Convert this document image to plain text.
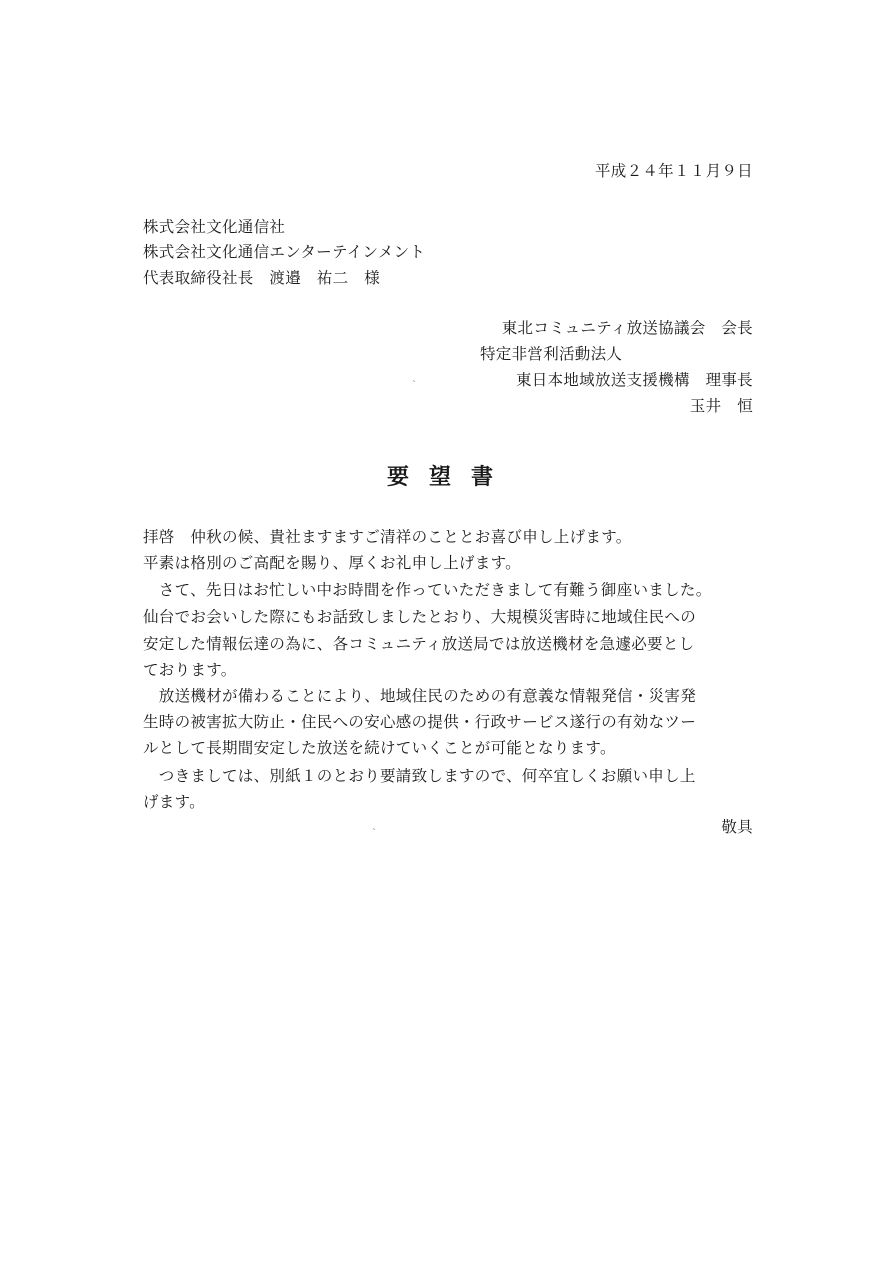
平成２４年１１月９日
株式会社文化通信社
株式会社文化通信エンターテインメント
代表取締役社長　渡邉　祐二　様
東北コミュニティ放送協議会　会長
特定非営利活動法人
東日本地域放送支援機構　理事長
玉井　恒
ˋ
要望書
拝啓　仲秋の候、貴社ますますご清祥のこととお喜び申し上げます。
平素は格別のご高配を賜り、厚くお礼申し上げます。
　さて、先日はお忙しい中お時間を作っていただきまして有難う御座いました。
仙台でお会いした際にもお話致しましたとおり、大規模災害時に地域住民への
安定した情報伝達の為に、各コミュニティ放送局では放送機材を急遽必要とし
ております。
　放送機材が備わることにより、地域住民のための有意義な情報発信・災害発
生時の被害拡大防止・住民への安心感の提供・行政サービス遂行の有効なツー
ルとして長期間安定した放送を続けていくことが可能となります。
　つきましては、別紙１のとおり要請致しますので、何卒宜しくお願い申し上
げます。
敬具
ˋ
